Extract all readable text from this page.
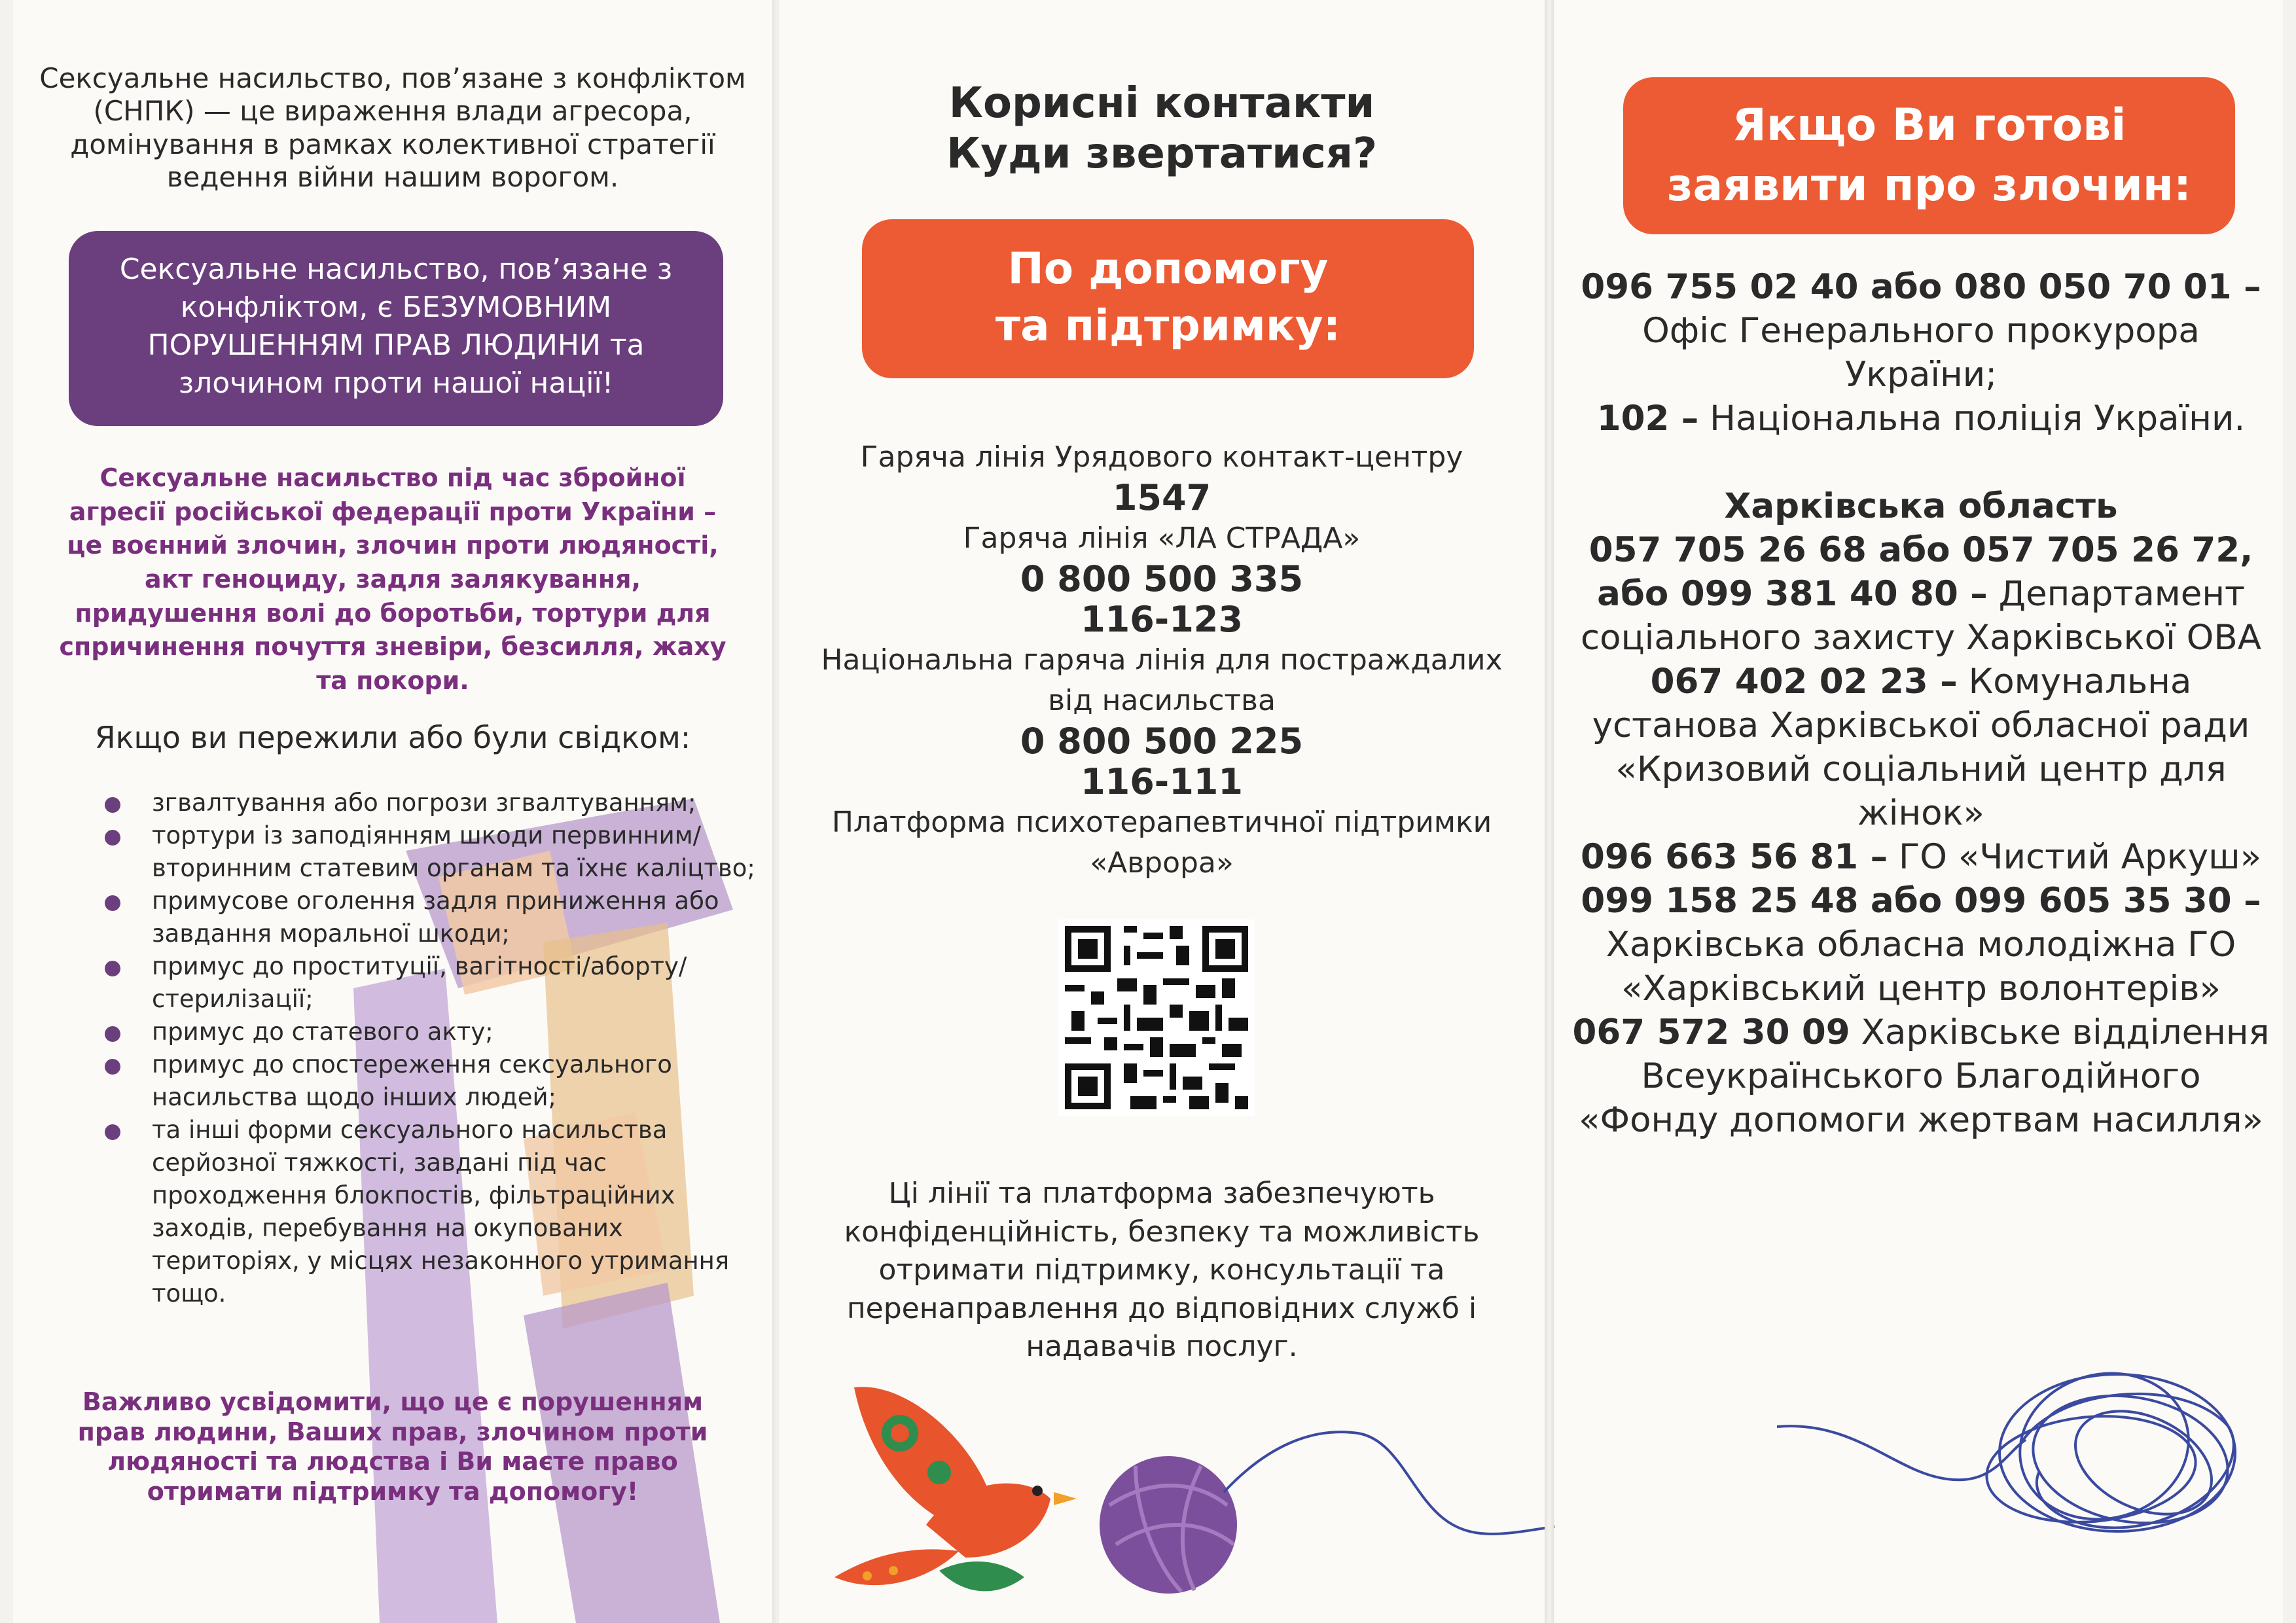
Сексуальне насильство, пов’язане з конфліктом (СНПК) — це вираження влади агресора, домінування в рамках колективної стратегії ведення війни нашим ворогом.

Сексуальне насильство, пов’язане з конфліктом, є БЕЗУМОВНИМ ПОРУШЕННЯМ ПРАВ ЛЮДИНИ та злочином проти нашої нації!

Сексуальне насильство під час збройної агресії російської федерації проти України – це воєнний злочин, злочин проти людяності, акт геноциду, задля залякування, придушення волі до боротьби, тортури для спричинення почуття зневіри, безсилля, жаху та покори.

Якщо ви пережили або були свідком:

згвалтування або погрози згвалтуванням;
тортури із заподіянням шкоди первинним/вторинним статевим органам та їхнє каліцтво;
примусове оголення задля приниження або завдання моральної шкоди;
примус до проституції, вагітності/аборту/стерилізації;
примус до статевого акту;
примус до спостереження сексуального насильства щодо інших людей;
та інші форми сексуального насильства серйозної тяжкості, завдані під час проходження блокпостів, фільтраційних заходів, перебування на окупованих територіях, у місцях незаконного утримання тощо.

Важливо усвідомити, що це є порушенням прав людини, Ваших прав, злочином проти людяності та людства і Ви маєте право отримати підтримку та допомогу!

Корисні контакти
Куди звертатися?

По допомогу
та підтримку:

Гаряча лінія Урядового контакт-центру
1547
Гаряча лінія «ЛА СТРАДА»
0 800 500 335
116-123
Національна гаряча лінія для постраждалих від насильства
0 800 500 225
116-111
Платформа психотерапевтичної підтримки «Аврора»

Ці лінії та платформа забезпечують конфіденційність, безпеку та можливість отримати підтримку, консультації та перенаправлення до відповідних служб і надавачів послуг.

Якщо Ви готові
заявити про злочин:

096 755 02 40 або 080 050 70 01 –
Офіс Генерального прокурора України;

102 – Національна поліція України.

Харківська область

057 705 26 68 або 057 705 26 72, або 099 381 40 80 – Департамент соціального захисту Харківської ОВА

067 402 02 23 – Комунальна установа Харківської обласної ради «Кризовий соціальний центр для жінок»

096 663 56 81 – ГО «Чистий Аркуш»

099 158 25 48 або 099 605 35 30 –
Харківська обласна молодіжна ГО «Харківський центр волонтерів»

067 572 30 09 Харківське відділення Всеукраїнського Благодійного «Фонду допомоги жертвам насилля»
